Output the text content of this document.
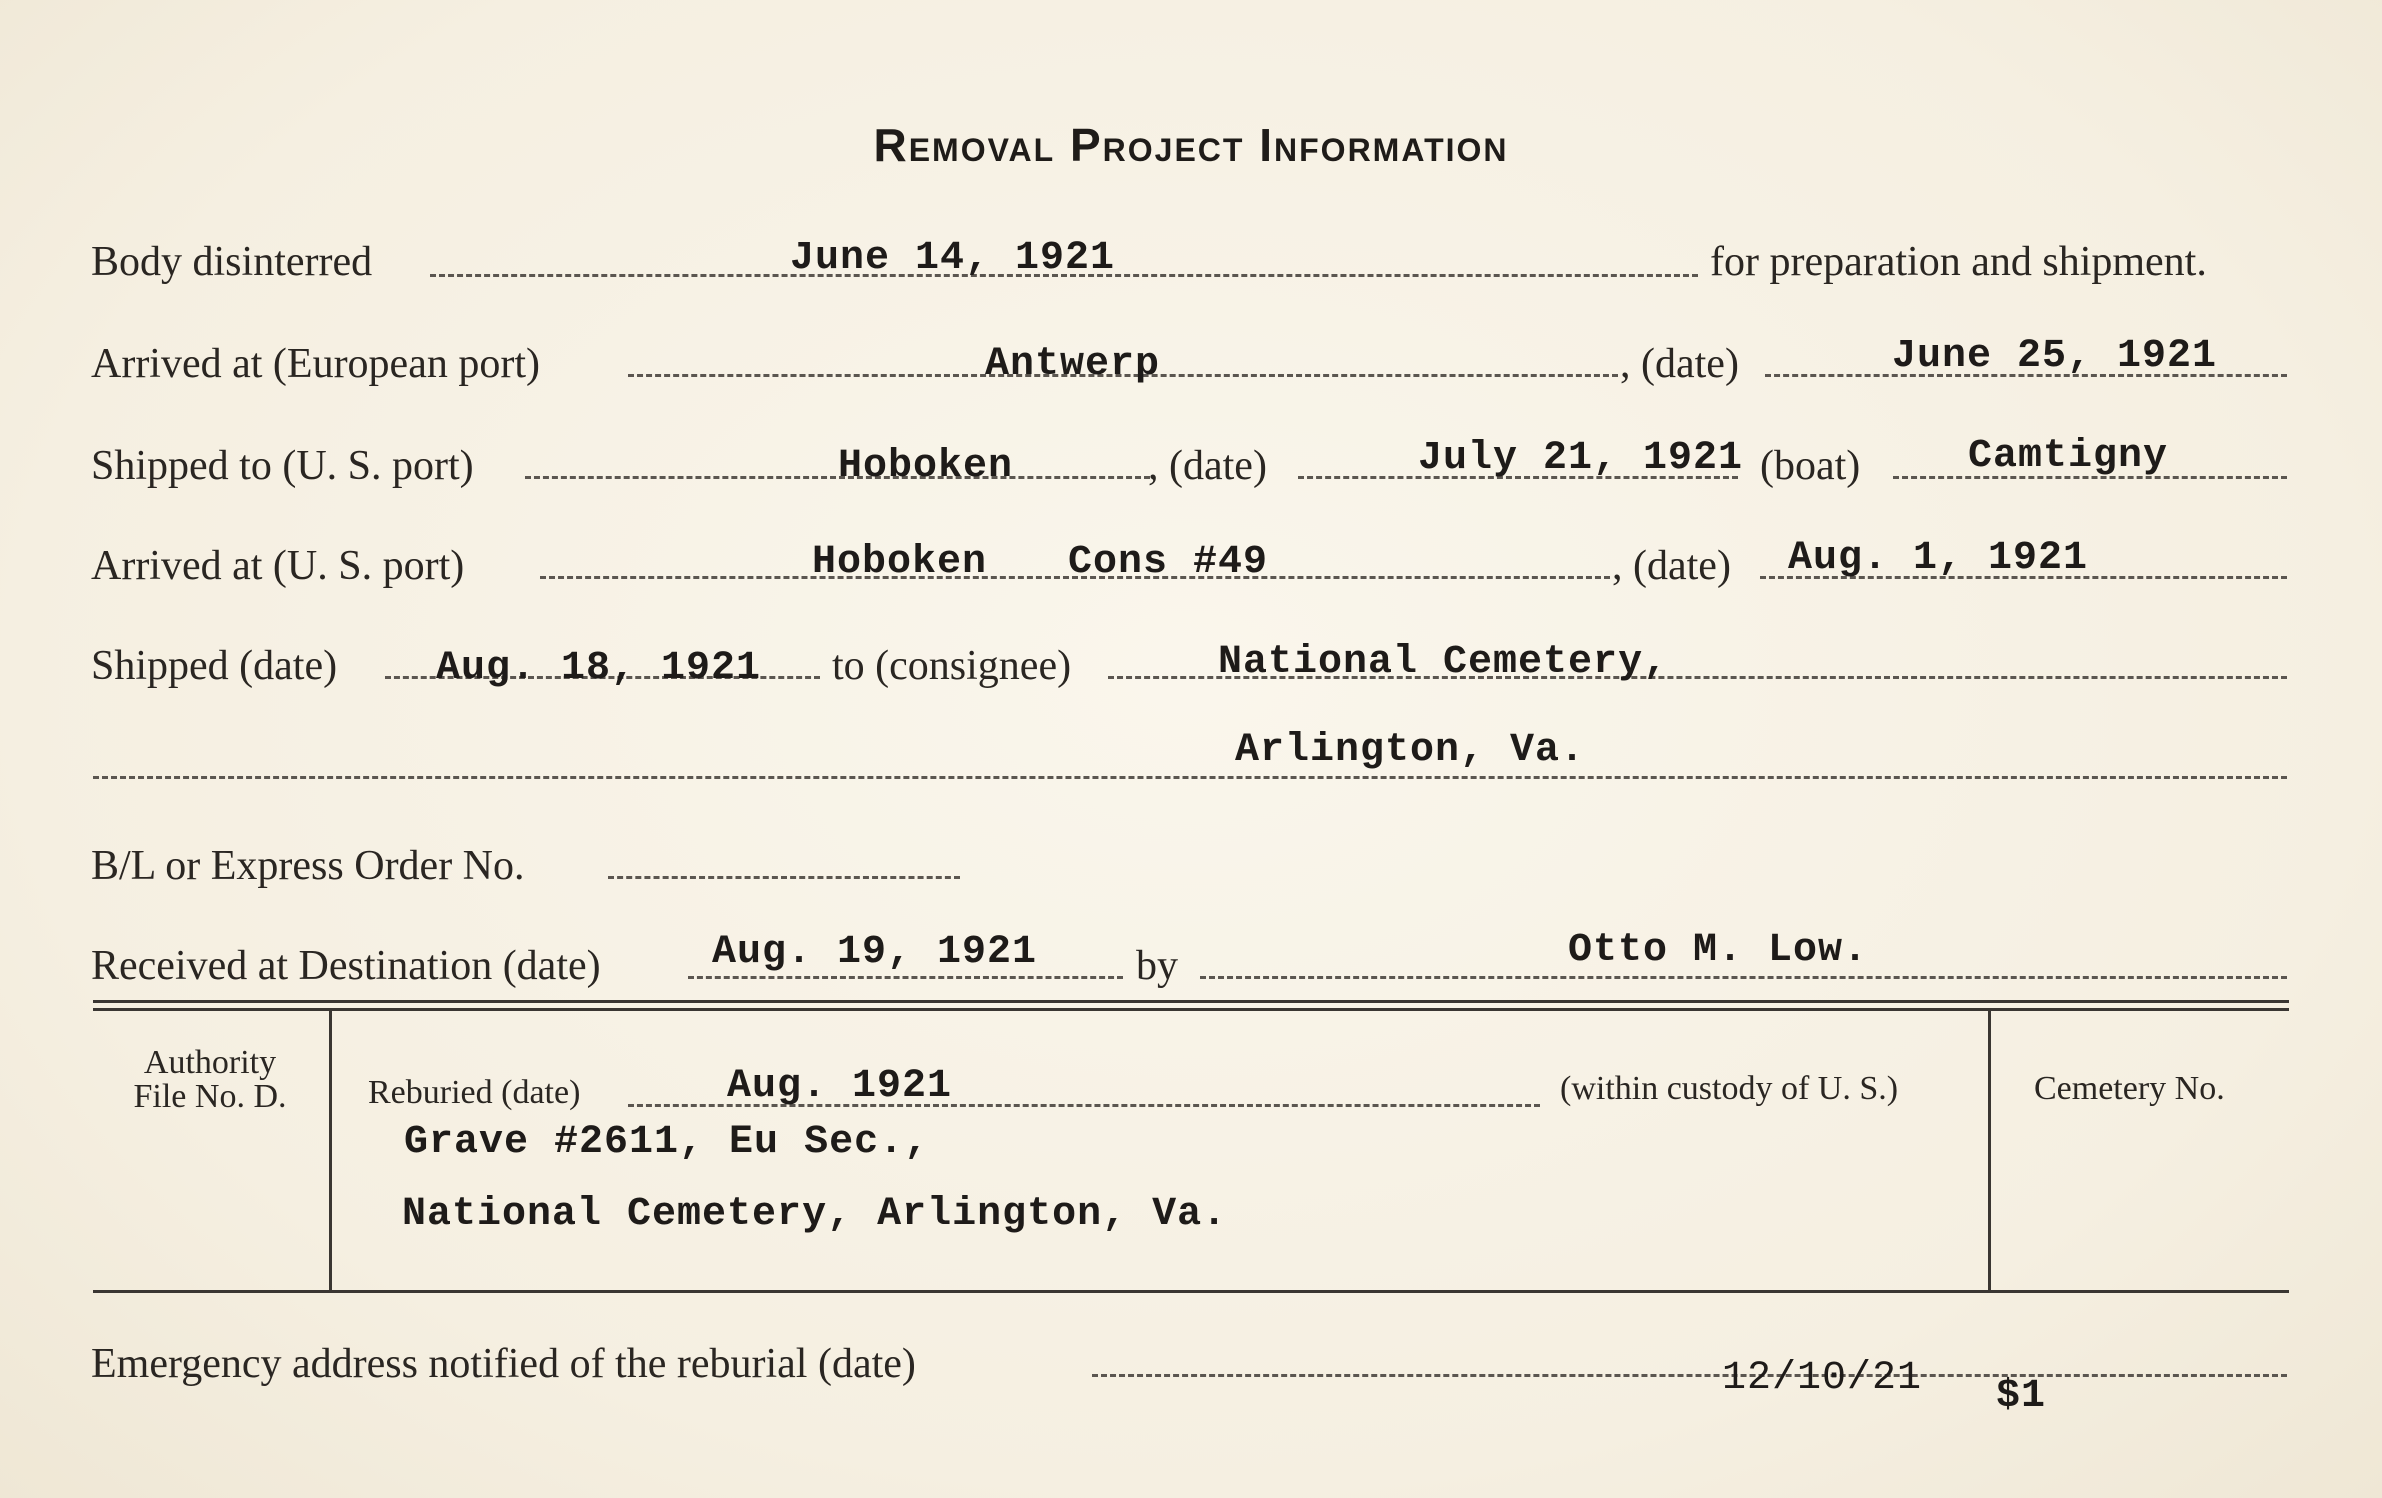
Removal Project Information
Body disinterred	June 14, 1921	for preparation and shipment.
Arrived at (European port)	Antwerp	, (date)	June 25, 1921
Shipped to (U. S. port)	Hoboken	, (date)	July 21, 1921 (boat)	Camtigny
Arrived at (U. S. port)	Hoboken Cons #49	, (date) Aug. 1, 1921
Shipped (date) Aug. 18, 1921 to (consignee)	National Cemetery,
Arlington, Va.
B/L or Express Order No.
Received at Destination (date)	Aug. 19, 1921 by	Otto M. Low.
Authority
File No. D.	Reburied (date)	Aug. 1921	(within custody of U. S.)
Grave #2611, Eu Sec.,
National Cemetery, Arlington, Va.
Cemetery No.
Emergency address notified of the reburial (date)	12/10/21 $1
